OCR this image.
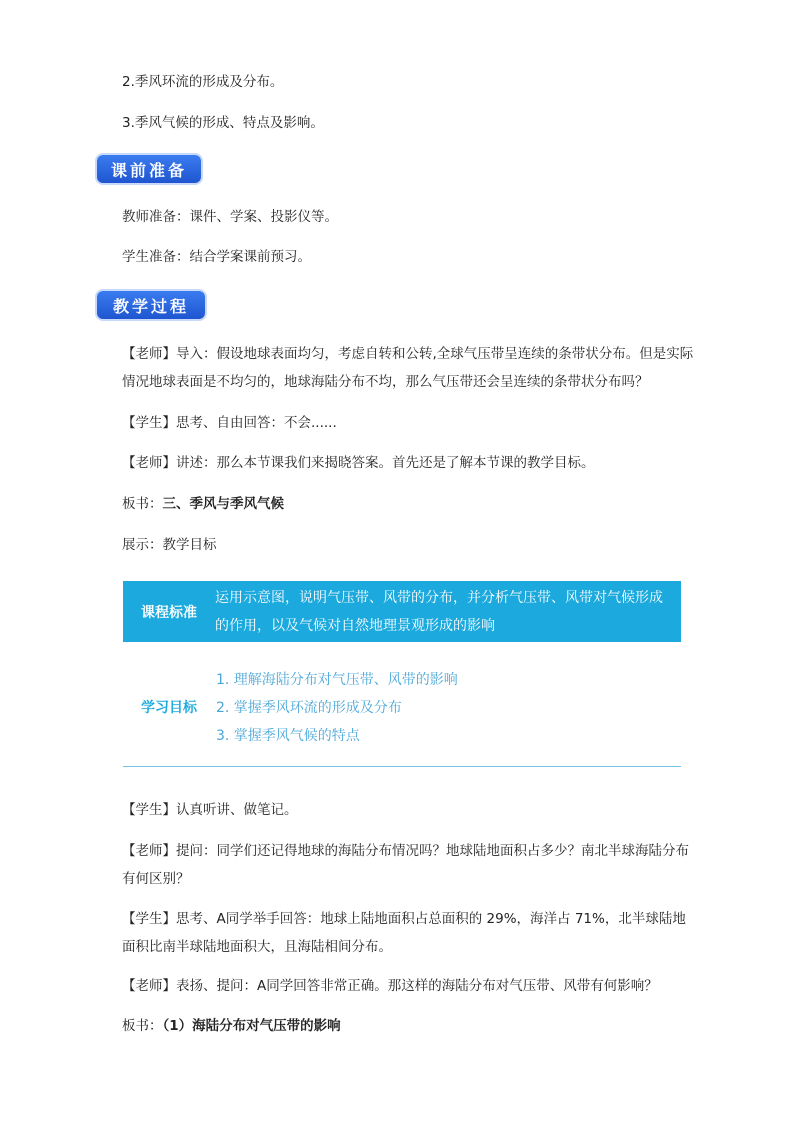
2.季风环流的形成及分布。
3.季风气候的形成、特点及影响。
课前准备
教师准备：课件、学案、投影仪等。
学生准备：结合学案课前预习。
教学过程
【老师】导入：假设地球表面均匀，考虑自转和公转,全球气压带呈连续的条带状分布。但是实际情况地球表面是不均匀的，地球海陆分布不均，那么气压带还会呈连续的条带状分布吗？
【学生】思考、自由回答：不会......
【老师】讲述：那么本节课我们来揭晓答案。首先还是了解本节课的教学目标。
板书：三、季风与季风气候
展示：教学目标
课程标准
运用示意图，说明气压带、风带的分布，并分析气压带、风带对气候形成的作用，以及气候对自然地理景观形成的影响
学习目标
1. 理解海陆分布对气压带、风带的影响
2. 掌握季风环流的形成及分布
3. 掌握季风气候的特点
【学生】认真听讲、做笔记。
【老师】提问：同学们还记得地球的海陆分布情况吗？地球陆地面积占多少？南北半球海陆分布有何区别？
【学生】思考、A同学举手回答：地球上陆地面积占总面积的 29%，海洋占 71%，北半球陆地面积比南半球陆地面积大，且海陆相间分布。
【老师】表扬、提问：A同学回答非常正确。那这样的海陆分布对气压带、风带有何影响？
板书：（1）海陆分布对气压带的影响
